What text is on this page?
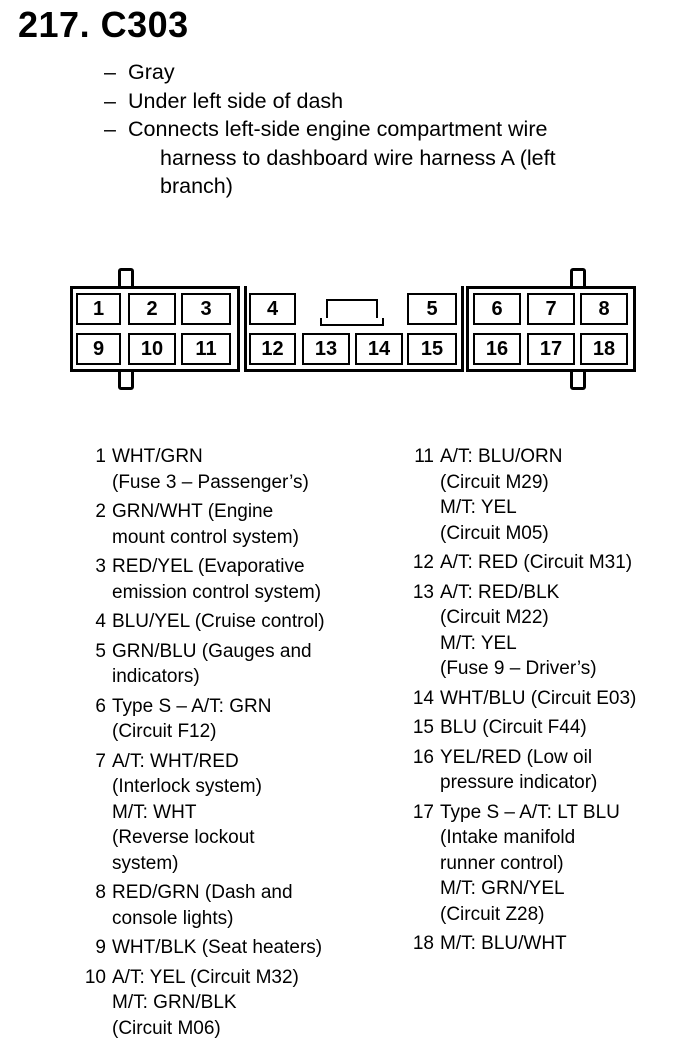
217. C303
– Gray
– Under left side of dash
– Connects left-side engine compartment wire
harness to dashboard wire harness A (left
branch)
1	2	3	4	5	6	7	8
9	10	11	12	13	14	15	16	17	18
1 WHT/GRN
(Fuse 3 – Passenger’s)
2 GRN/WHT (Engine
mount control system)
3 RED/YEL (Evaporative
emission control system)
4 BLU/YEL (Cruise control)
5 GRN/BLU (Gauges and
indicators)
6 Type S – A/T: GRN
(Circuit F12)
7 A/T: WHT/RED
(Interlock system)
M/T: WHT
(Reverse lockout
system)
8 RED/GRN (Dash and
console lights)
9 WHT/BLK (Seat heaters)
10 A/T: YEL (Circuit M32)
M/T: GRN/BLK
(Circuit M06)
11 A/T: BLU/ORN
(Circuit M29)
M/T: YEL
(Circuit M05)
12 A/T: RED (Circuit M31)
13 A/T: RED/BLK
(Circuit M22)
M/T: YEL
(Fuse 9 – Driver’s)
14 WHT/BLU (Circuit E03)
15 BLU (Circuit F44)
16 YEL/RED (Low oil
pressure indicator)
17 Type S – A/T: LT BLU
(Intake manifold
runner control)
M/T: GRN/YEL
(Circuit Z28)
18 M/T: BLU/WHT
